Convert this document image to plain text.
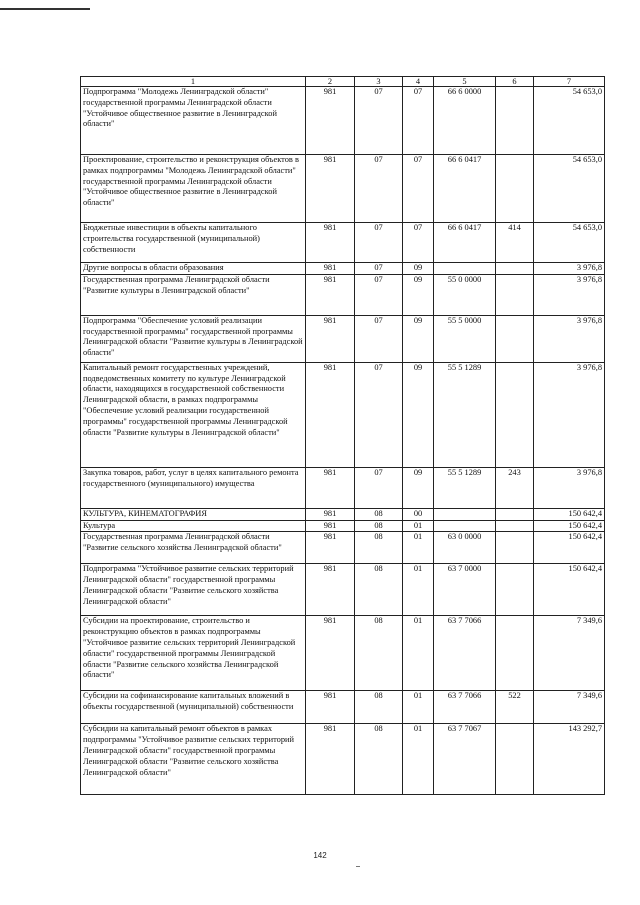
1	2	3	4	5	6	7
Подпрограмма "Молодежь Ленинградской области" государственной программы Ленинградской области "Устойчивое общественное развитие в Ленинградской области"	981	07	07	66 6 0000		54 653,0
Проектирование, строительство и реконструкция объектов в рамках подпрограммы "Молодежь Ленинградской области" государственной программы Ленинградской области "Устойчивое общественное развитие в Ленинградской области"	981	07	07	66 6 0417		54 653,0
Бюджетные инвестиции в объекты капитального строительства государственной (муниципальной) собственности	981	07	07	66 6 0417	414	54 653,0
Другие вопросы в области образования	981	07	09			3 976,8
Государственная программа Ленинградской области "Развитие культуры в Ленинградской области"	981	07	09	55 0 0000		3 976,8
Подпрограмма "Обеспечение условий реализации государственной программы" государственной программы Ленинградской области "Развитие культуры в Ленинградской области"	981	07	09	55 5 0000		3 976,8
Капитальный ремонт государственных учреждений, подведомственных комитету по культуре Ленинградской области, находящихся в государственной собственности Ленинградской области, в рамках подпрограммы "Обеспечение условий реализации государственной программы" государственной программы Ленинградской области "Развитие культуры в Ленинградской области"	981	07	09	55 5 1289		3 976,8
Закупка товаров, работ, услуг в целях капитального ремонта государственного (муниципального) имущества	981	07	09	55 5 1289	243	3 976,8
КУЛЬТУРА, КИНЕМАТОГРАФИЯ	981	08	00			150 642,4
Культура	981	08	01			150 642,4
Государственная программа Ленинградской области "Развитие сельского хозяйства Ленинградской области"	981	08	01	63 0 0000		150 642,4
Подпрограмма "Устойчивое развитие сельских территорий Ленинградской области" государственной программы Ленинградской области "Развитие сельского хозяйства Ленинградской области"	981	08	01	63 7 0000		150 642,4
Субсидии на проектирование, строительство и реконструкцию объектов в рамках подпрограммы "Устойчивое развитие сельских территорий Ленинградской области" государственной программы Ленинградской области "Развитие сельского хозяйства Ленинградской области"	981	08	01	63 7 7066		7 349,6
Субсидии на софинансирование капитальных вложений в объекты государственной (муниципальной) собственности	981	08	01	63 7 7066	522	7 349,6
Субсидии на капитальный ремонт объектов в рамках подпрограммы "Устойчивое развитие сельских территорий Ленинградской области" государственной программы Ленинградской области "Развитие сельского хозяйства Ленинградской области"	981	08	01	63 7 7067		143 292,7
142
